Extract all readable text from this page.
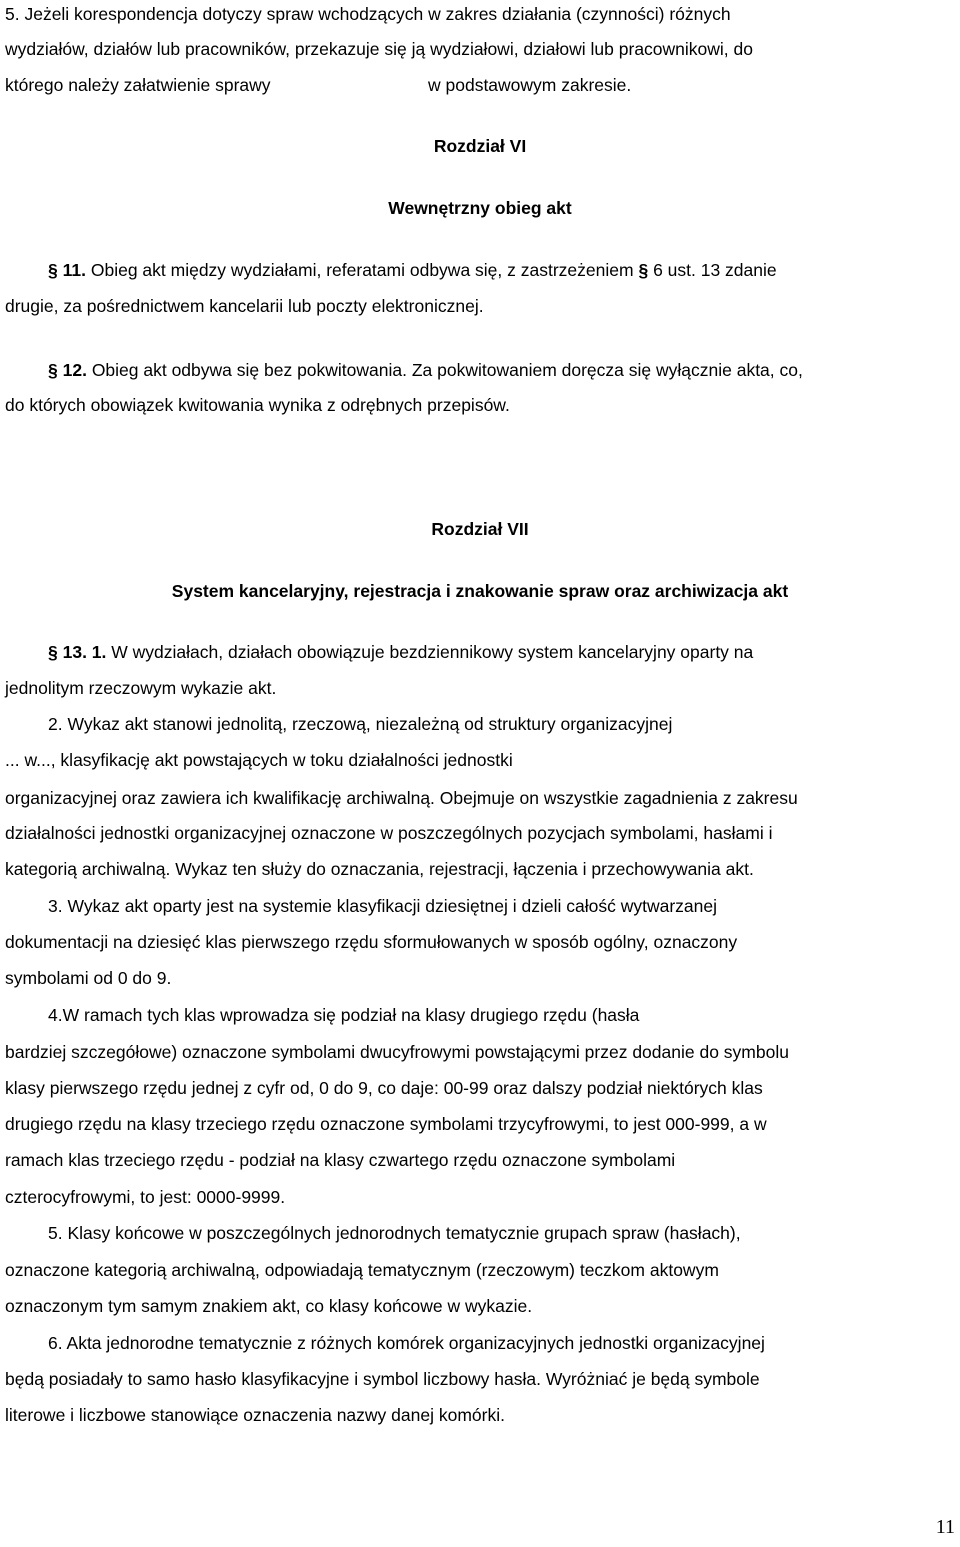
5. Jeżeli korespondencja dotyczy spraw wchodzących w zakres działania (czynności) różnych
wydziałów, działów lub pracowników, przekazuje się ją wydziałowi, działowi lub pracownikowi, do
którego należy załatwienie sprawy	w podstawowym zakresie.
Rozdział VI
Wewnętrzny obieg akt
§ 11. Obieg akt między wydziałami, referatami odbywa się, z zastrzeżeniem § 6 ust. 13 zdanie
drugie, za pośrednictwem kancelarii lub poczty elektronicznej.
§ 12. Obieg akt odbywa się bez pokwitowania. Za pokwitowaniem doręcza się wyłącznie akta, co,
do których obowiązek kwitowania wynika z odrębnych przepisów.
Rozdział VII
System kancelaryjny, rejestracja i znakowanie spraw oraz archiwizacja akt
§ 13. 1. W wydziałach, działach obowiązuje bezdziennikowy system kancelaryjny oparty na
jednolitym rzeczowym wykazie akt.
2. Wykaz akt stanowi jednolitą, rzeczową, niezależną od struktury organizacyjnej
... w..., klasyfikację akt powstających w toku działalności jednostki
organizacyjnej oraz zawiera ich kwalifikację archiwalną. Obejmuje on wszystkie zagadnienia z zakresu
działalności jednostki organizacyjnej oznaczone w poszczególnych pozycjach symbolami, hasłami i
kategorią archiwalną. Wykaz ten służy do oznaczania, rejestracji, łączenia i przechowywania akt.
3. Wykaz akt oparty jest na systemie klasyfikacji dziesiętnej i dzieli całość wytwarzanej
dokumentacji na dziesięć klas pierwszego rzędu sformułowanych w sposób ogólny, oznaczony
symbolami od 0 do 9.
4.W ramach tych klas wprowadza się podział na klasy drugiego rzędu (hasła
bardziej szczegółowe) oznaczone symbolami dwucyfrowymi powstającymi przez dodanie do symbolu
klasy pierwszego rzędu jednej z cyfr od, 0 do 9, co daje: 00-99 oraz dalszy podział niektórych klas
drugiego rzędu na klasy trzeciego rzędu oznaczone symbolami trzycyfrowymi, to jest 000-999, a w
ramach klas trzeciego rzędu - podział na klasy czwartego rzędu oznaczone symbolami
czterocyfrowymi, to jest: 0000-9999.
5. Klasy końcowe w poszczególnych jednorodnych tematycznie grupach spraw (hasłach),
oznaczone kategorią archiwalną, odpowiadają tematycznym (rzeczowym) teczkom aktowym
oznaczonym tym samym znakiem akt, co klasy końcowe w wykazie.
6. Akta jednorodne tematycznie z różnych komórek organizacyjnych jednostki organizacyjnej
będą posiadały to samo hasło klasyfikacyjne i symbol liczbowy hasła. Wyróżniać je będą symbole
literowe i liczbowe stanowiące oznaczenia nazwy danej komórki.
11
